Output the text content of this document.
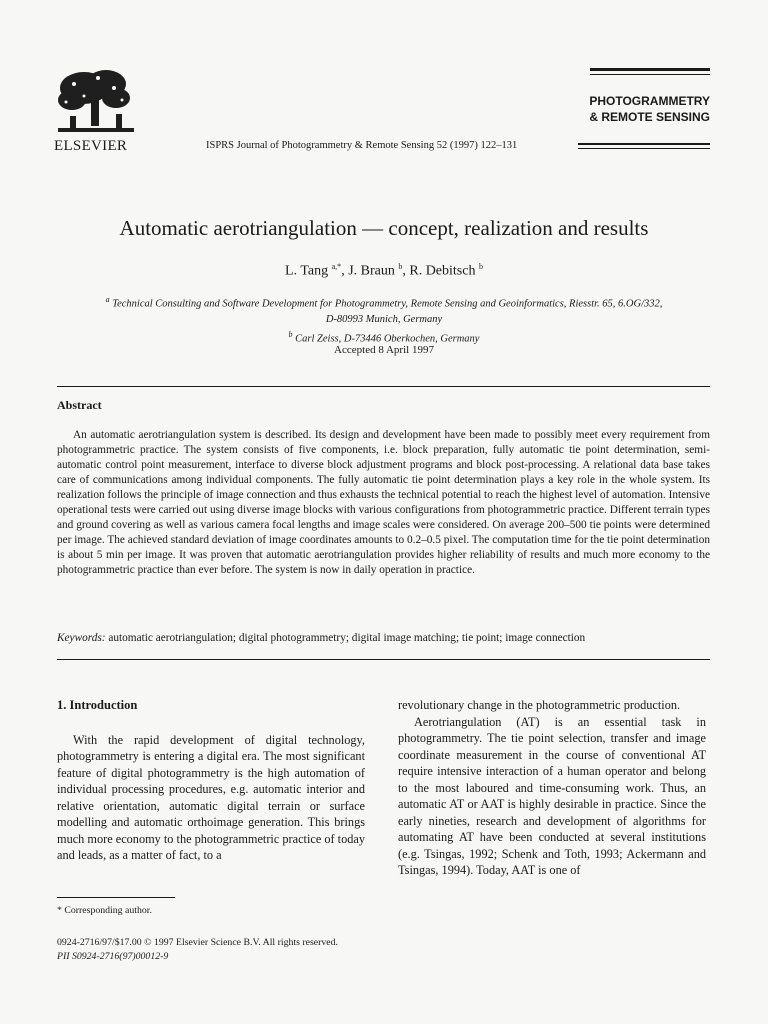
ELSEVIER	ISPRS Journal of Photogrammetry & Remote Sensing 52 (1997) 122–131
PHOTOGRAMMETRY
& REMOTE SENSING
Automatic aerotriangulation — concept, realization and results
L. Tang $^{a,*}$, J. Braun $^b$, R. Debitsch $^b$
$^a$ Technical Consulting and Software Development for Photogrammetry, Remote Sensing and Geoinformatics, Riesstr. 65, 6.OG/332,
D-80993 Munich, Germany
$^b$ Carl Zeiss, D-73446 Oberkochen, Germany
Accepted 8 April 1997
Abstract

An automatic aerotriangulation system is described. Its design and development have been made to possibly meet every requirement from photogrammetric practice. The system consists of five components, i.e. block preparation, fully automatic tie point determination, semi-automatic control point measurement, interface to diverse block adjustment programs and block post-processing. A relational data base takes care of communications among individual components. The fully automatic tie point determination plays a key role in the whole system. Its realization follows the principle of image connection and thus exhausts the technical potential to reach the highest level of automation. Intensive operational tests were carried out using diverse image blocks with various configurations from photogrammetric practice. Different terrain types and ground covering as well as various camera focal lengths and image scales were considered. On average 200–500 tie points were determined per image. The achieved standard deviation of image coordinates amounts to 0.2–0.5 pixel. The computation time for the tie point determination is about 5 min per image. It was proven that automatic aerotriangulation provides higher reliability of results and much more economy to the photogrammetric practice than ever before. The system is now in daily operation in practice.

Keywords: automatic aerotriangulation; digital photogrammetry; digital image matching; tie point; image connection

1. Introduction

With the rapid development of digital technology, photogrammetry is entering a digital era. The most significant feature of digital photogrammetry is the high automation of individual processing procedures, e.g. automatic interior and relative orientation, automatic digital terrain or surface modelling and automatic orthoimage generation. This brings much more economy to the photogrammetric practice of today and leads, as a matter of fact, to a

revolutionary change in the photogrammetric production.

Aerotriangulation (AT) is an essential task in photogrammetry. The tie point selection, transfer and image coordinate measurement in the course of conventional AT require intensive interaction of a human operator and belong to the most laboured and time-consuming work. Thus, an automatic AT or AAT is highly desirable in practice. Since the early nineties, research and development of algorithms for automating AT have been conducted at several institutions (e.g. Tsingas, 1992; Schenk and Toth, 1993; Ackermann and Tsingas, 1994). Today, AAT is one of

* Corresponding author.
0924-2716/97/$17.00 © 1997 Elsevier Science B.V. All rights reserved.
PII S0924-2716(97)00012-9
